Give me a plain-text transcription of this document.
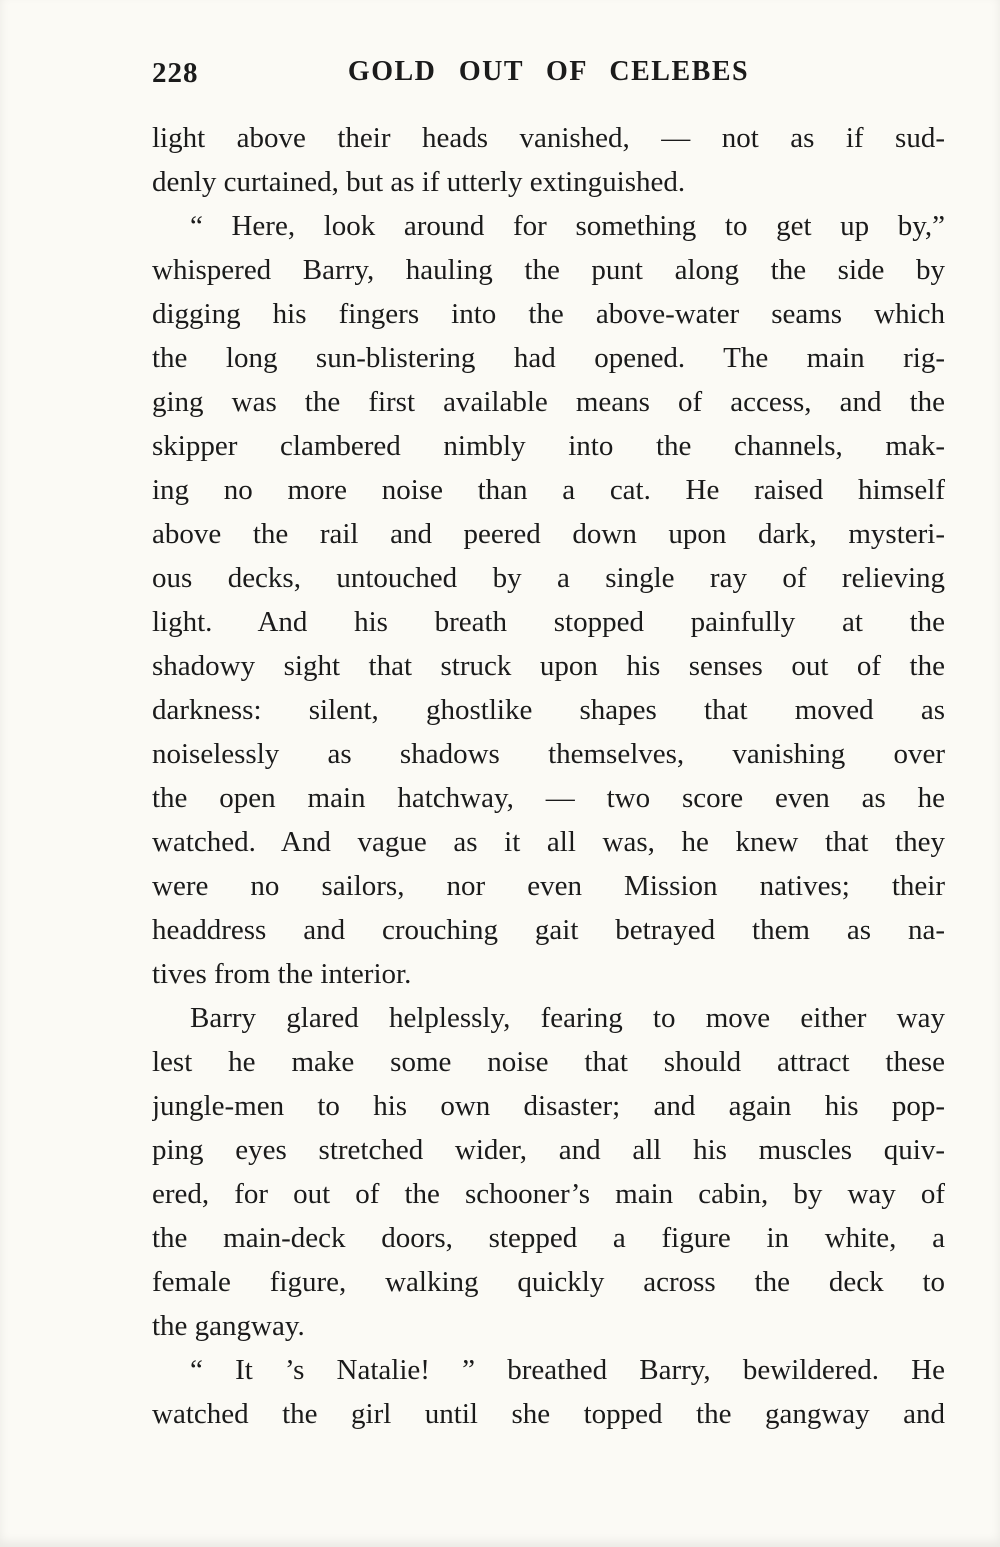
228	GOLD OUT OF CELEBES
light above their heads vanished, — not as if sud-
denly curtained, but as if utterly extinguished.
“ Here, look around for something to get up by,”
whispered Barry, hauling the punt along the side by
digging his fingers into the above-water seams which
the long sun-blistering had opened. The main rig-
ging was the first available means of access, and the
skipper clambered nimbly into the channels, mak-
ing no more noise than a cat. He raised himself
above the rail and peered down upon dark, mysteri-
ous decks, untouched by a single ray of relieving
light. And his breath stopped painfully at the
shadowy sight that struck upon his senses out of the
darkness: silent, ghostlike shapes that moved as
noiselessly as shadows themselves, vanishing over
the open main hatchway, — two score even as he
watched. And vague as it all was, he knew that they
were no sailors, nor even Mission natives; their
headdress and crouching gait betrayed them as na-
tives from the interior.
Barry glared helplessly, fearing to move either way
lest he make some noise that should attract these
jungle-men to his own disaster; and again his pop-
ping eyes stretched wider, and all his muscles quiv-
ered, for out of the schooner’s main cabin, by way of
the main-deck doors, stepped a figure in white, a
female figure, walking quickly across the deck to
the gangway.
“ It ’s Natalie! ” breathed Barry, bewildered. He
watched the girl until she topped the gangway and
